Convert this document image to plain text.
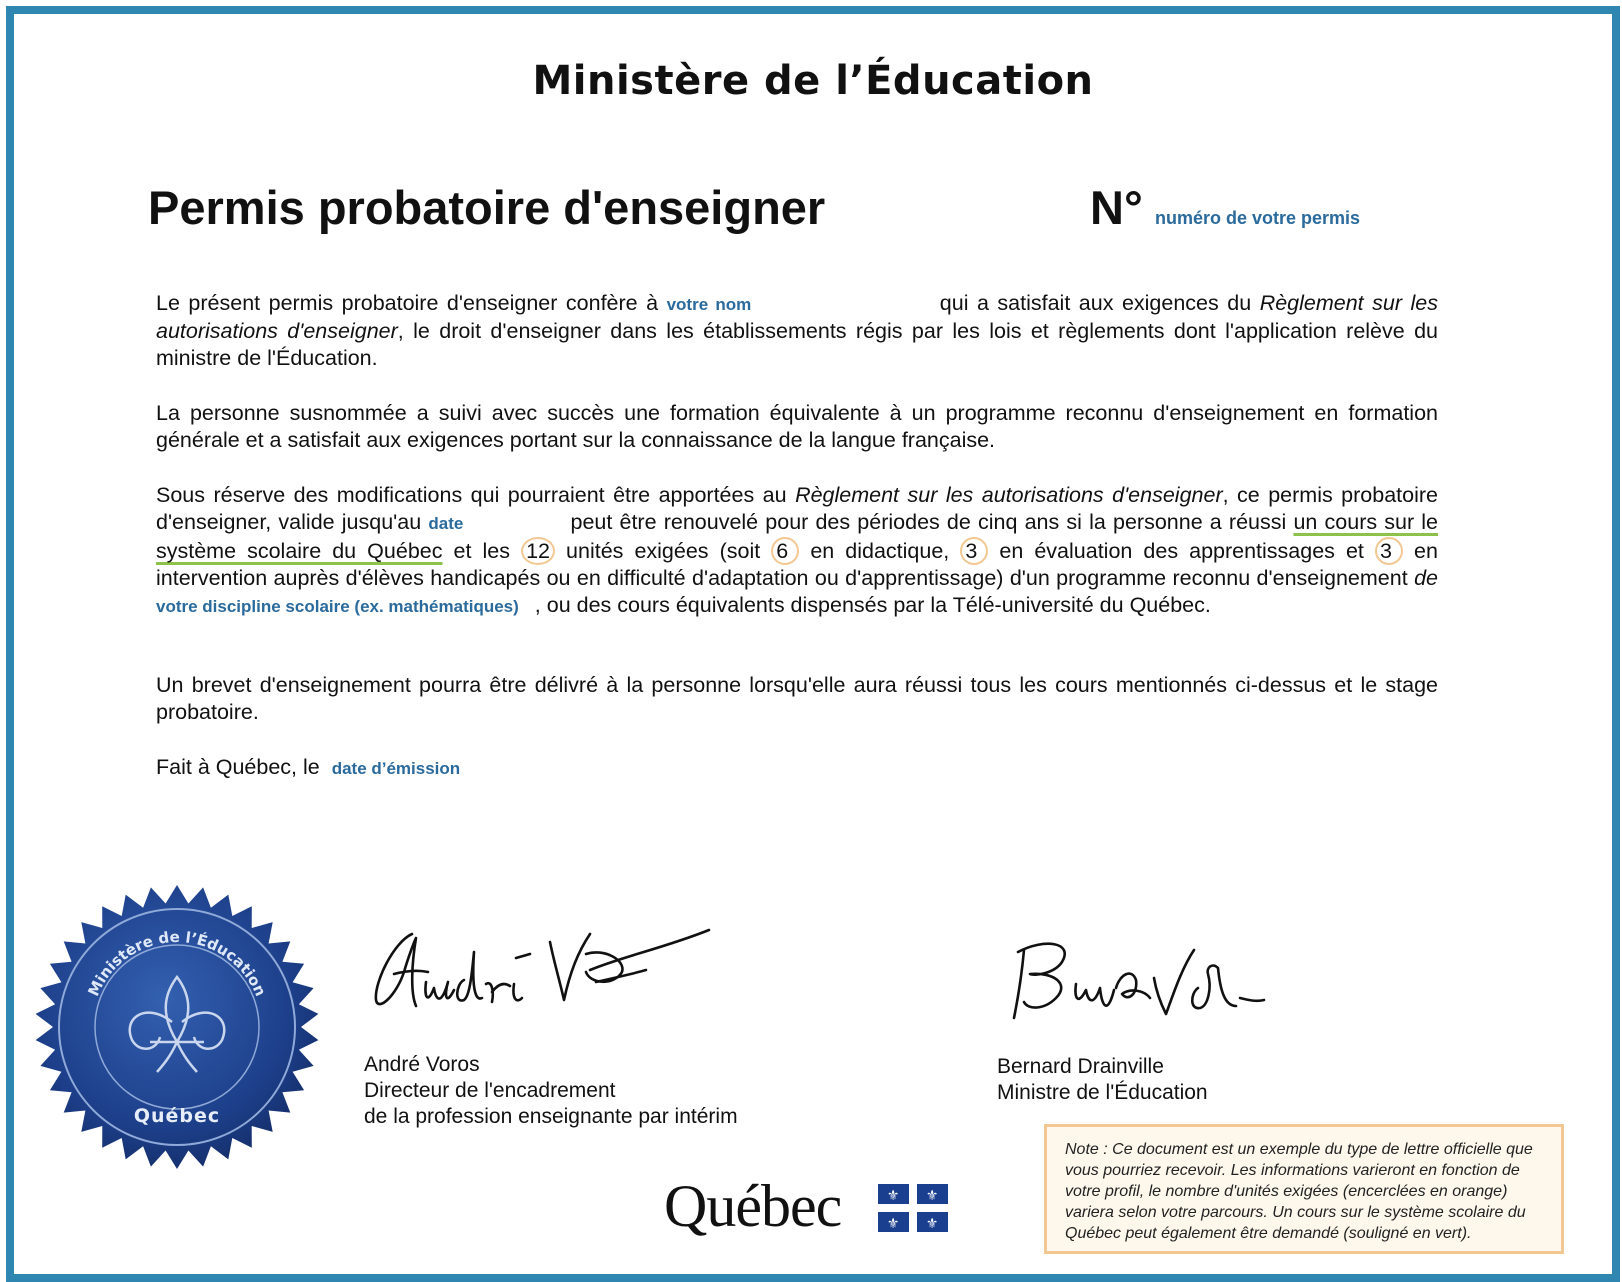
Ministère de l’Éducation
Permis probatoire d'enseigner	N° numéro de votre permis
Le présent permis probatoire d'enseigner confère à votre nom	qui a satisfait aux exigences du Règlement sur les autorisations d'enseigner, le droit d'enseigner dans les établissements régis par les lois et règlements dont l'application relève du ministre de l'Éducation.
La personne susnommée a suivi avec succès une formation équivalente à un programme reconnu d'enseignement en formation générale et a satisfait aux exigences portant sur la connaissance de la langue française.
Sous réserve des modifications qui pourraient être apportées au Règlement sur les autorisations d'enseigner, ce permis probatoire d'enseigner, valide jusqu'au date	peut être renouvelé pour des périodes de cinq ans si la personne a réussi un cours sur le système scolaire du Québec et les 12 unités exigées (soit 6 en didactique, 3 en évaluation des apprentissages et 3 en intervention auprès d'élèves handicapés ou en difficulté d'adaptation ou d'apprentissage) d'un programme reconnu d'enseignement de votre discipline scolaire (ex. mathématiques) , ou des cours équivalents dispensés par la Télé-université du Québec.
Un brevet d'enseignement pourra être délivré à la personne lorsqu'elle aura réussi tous les cours mentionnés ci-dessus et le stage probatoire.
Fait à Québec, le date d’émission
Ministère de l’Éducation
Québec
André Voros
Directeur de l'encadrement
de la profession enseignante par intérim
Bernard Drainville
Ministre de l'Éducation
Québec	⚜ ⚜
⚜ ⚜
Note : Ce document est un exemple du type de lettre officielle que vous pourriez recevoir. Les informations varieront en fonction de votre profil, le nombre d'unités exigées (encerclées en orange) variera selon votre parcours. Un cours sur le système scolaire du Québec peut également être demandé (souligné en vert).
